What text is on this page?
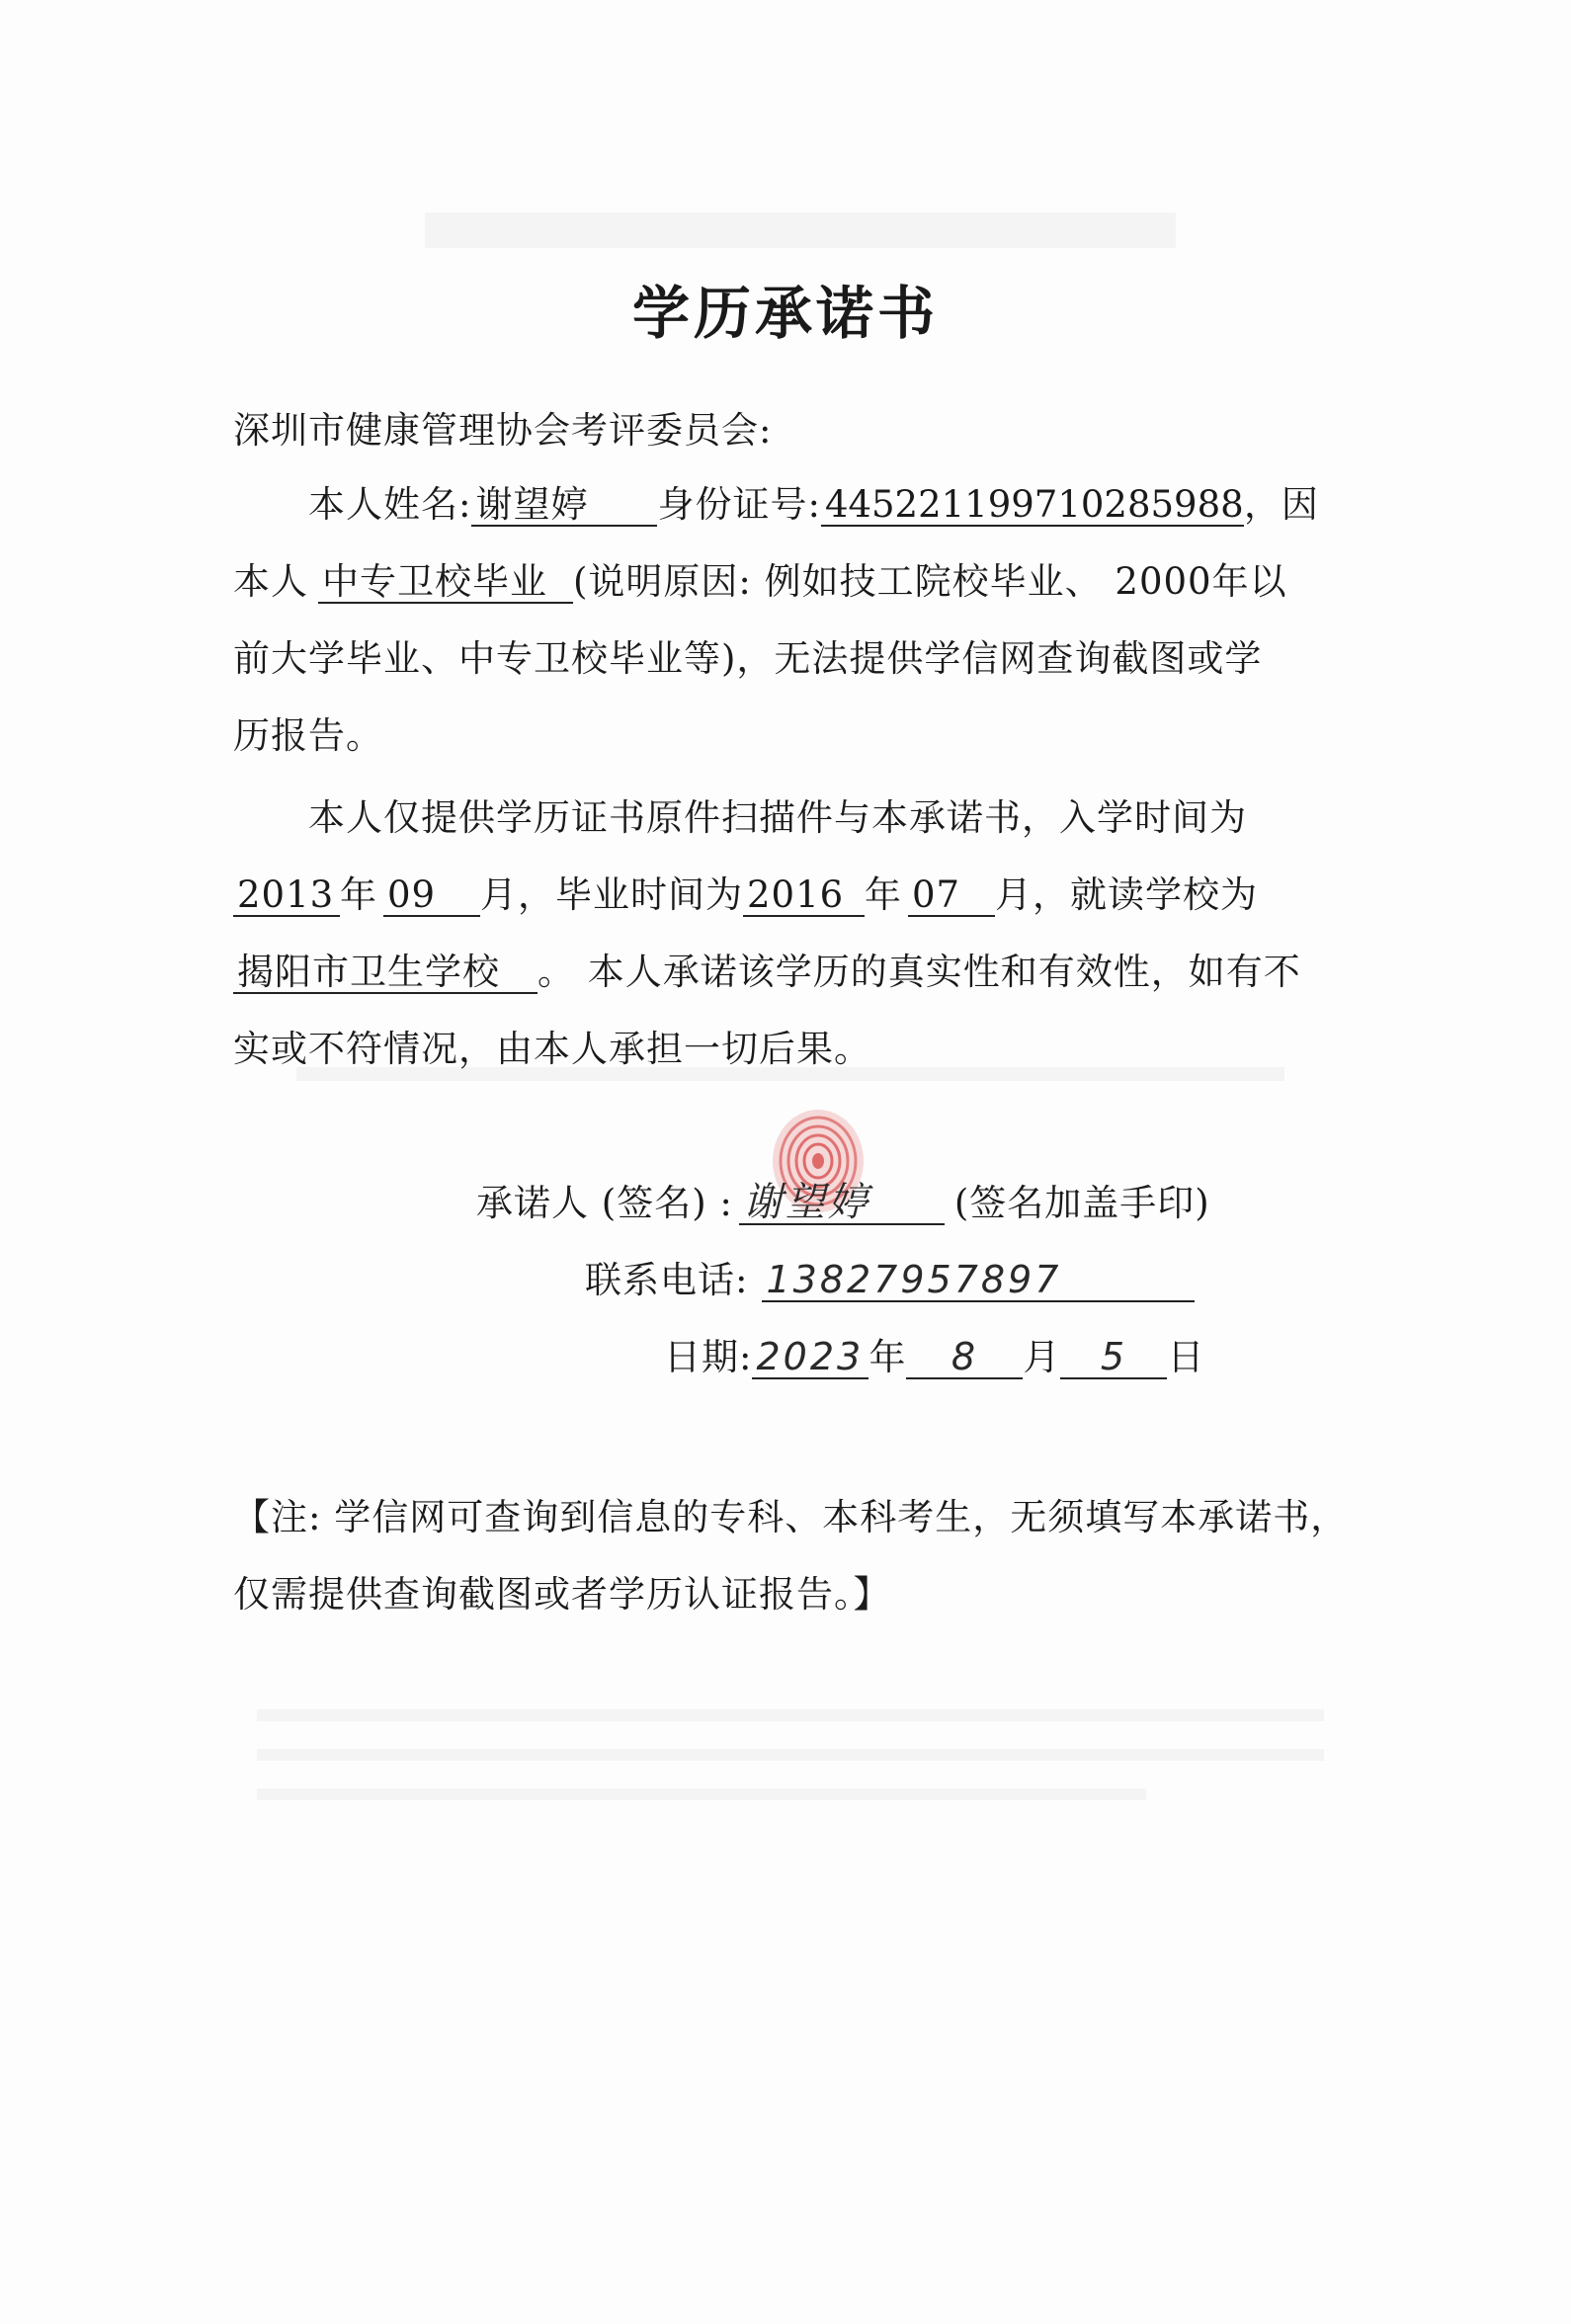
学历承诺书
深圳市健康管理协会考评委员会:
本人姓名: 谢望婷 身份证号: 445221199710285988，因
本人 中专卫校毕业 (说明原因: 例如技工院校毕业、 2000年以
前大学毕业、中专卫校毕业等)，无法提供学信网查询截图或学
历报告。
本人仅提供学历证书原件扫描件与本承诺书，入学时间为
2013 年 09 月，毕业时间为 2016 年 07 月，就读学校为
揭阳市卫生学校 。 本人承诺该学历的真实性和有效性，如有不
实或不符情况，由本人承担一切后果。
承诺人 (签名) : 谢望婷 (签名加盖手印)
联系电话: 13827957897
日期: 2023 年 8 月 5 日
【注: 学信网可查询到信息的专科、本科考生，无须填写本承诺书，
仅需提供查询截图或者学历认证报告。】
